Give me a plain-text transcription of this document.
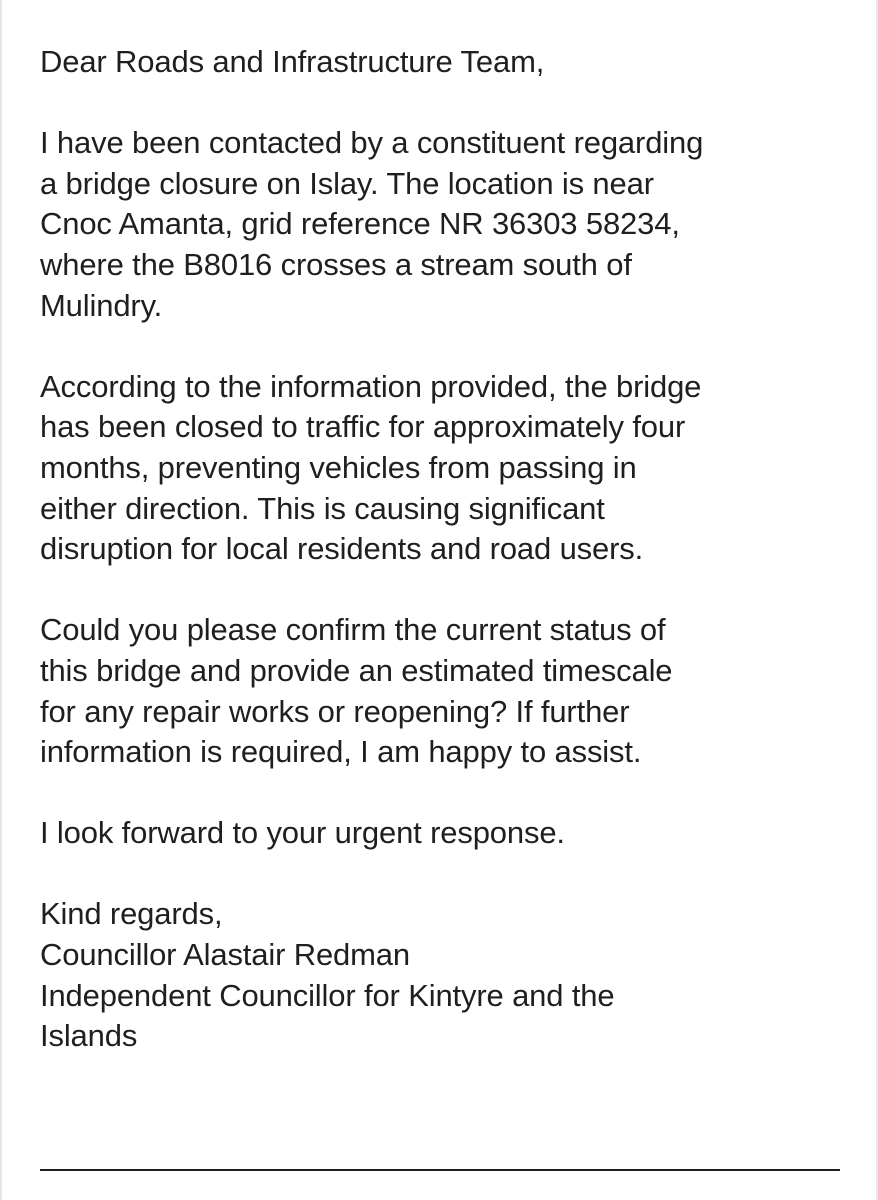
Dear Roads and Infrastructure Team,

I have been contacted by a constituent regarding
a bridge closure on Islay. The location is near
Cnoc Amanta, grid reference NR 36303 58234,
where the B8016 crosses a stream south of
Mulindry.

According to the information provided, the bridge
has been closed to traffic for approximately four
months, preventing vehicles from passing in
either direction. This is causing significant
disruption for local residents and road users.

Could you please confirm the current status of
this bridge and provide an estimated timescale
for any repair works or reopening? If further
information is required, I am happy to assist.

I look forward to your urgent response.

Kind regards,

Councillor Alastair Redman

Independent Councillor for Kintyre and the
Islands
